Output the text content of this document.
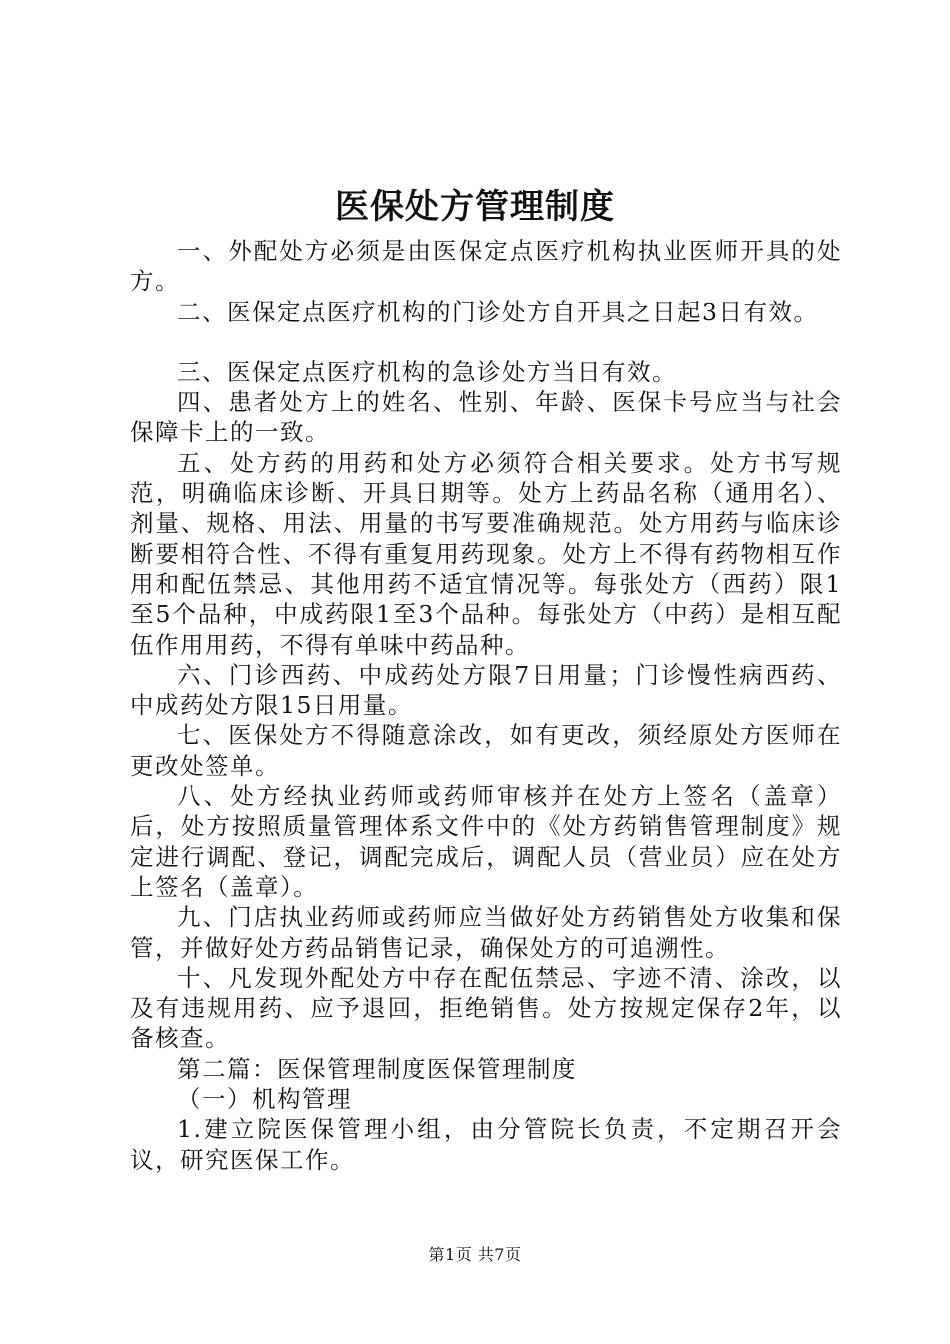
医保处方管理制度

一、外配处方必须是由医保定点医疗机构执业医师开具的处方。

二、医保定点医疗机构的门诊处方自开具之日起3日有效。

三、医保定点医疗机构的急诊处方当日有效。

四、患者处方上的姓名、性别、年龄、医保卡号应当与社会保障卡上的一致。

五、处方药的用药和处方必须符合相关要求。处方书写规范，明确临床诊断、开具日期等。处方上药品名称（通用名）、剂量、规格、用法、用量的书写要准确规范。处方用药与临床诊断要相符合性、不得有重复用药现象。处方上不得有药物相互作用和配伍禁忌、其他用药不适宜情况等。每张处方（西药）限1至5个品种，中成药限1至3个品种。每张处方（中药）是相互配伍作用用药，不得有单味中药品种。

六、门诊西药、中成药处方限7日用量；门诊慢性病西药、中成药处方限15日用量。

七、医保处方不得随意涂改，如有更改，须经原处方医师在更改处签单。

八、处方经执业药师或药师审核并在处方上签名（盖章）后，处方按照质量管理体系文件中的《处方药销售管理制度》规定进行调配、登记，调配完成后，调配人员（营业员）应在处方上签名（盖章）。

九、门店执业药师或药师应当做好处方药销售处方收集和保管，并做好处方药品销售记录，确保处方的可追溯性。

十、凡发现外配处方中存在配伍禁忌、字迹不清、涂改，以及有违规用药、应予退回，拒绝销售。处方按规定保存2年，以备核查。

第二篇：医保管理制度医保管理制度

（一）机构管理

1.建立院医保管理小组，由分管院长负责，不定期召开会议，研究医保工作。

第1页 共7页
